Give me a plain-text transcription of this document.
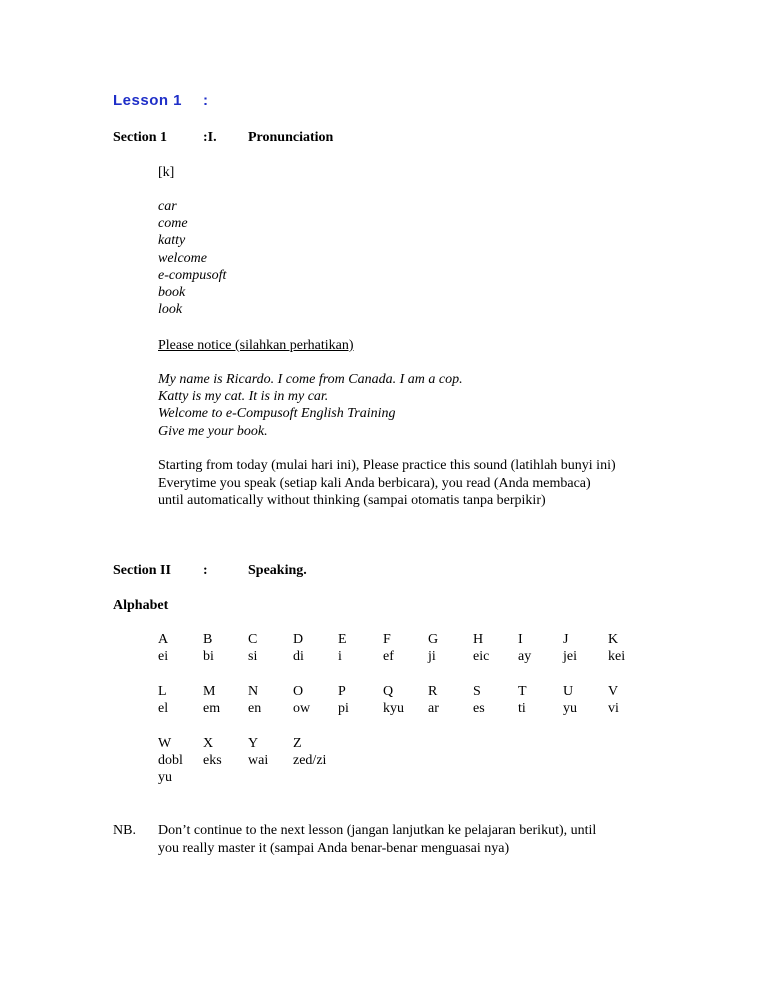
Lesson 1 :
Section 1	:I. Pronunciation
[k]
car
come
katty
welcome
e-compusoft
book
look
Please notice (silahkan perhatikan)
My name is Ricardo. I come from Canada. I am a cop.
Katty is my cat. It is in my car.
Welcome to e-Compusoft English Training
Give me your book.
Starting from today (mulai hari ini), Please practice this sound (latihlah bunyi ini)
Everytime you speak (setiap kali Anda berbicara), you read (Anda membaca)
until automatically without thinking (sampai otomatis tanpa berpikir)
Section II :	Speaking.
Alphabet
A
ei
B
bi
C
si
D
di
E
i
F
ef
G
ji
H
eic
I
ay
J
jei
K
kei
L
el
M
em
N
en
O
ow
P
pi
Q
kyu
R
ar
S
es
T
ti
U
yu
V
vi
W
dobl yu
X
eks
Y
wai
Z
zed/zi
NB. Don’t continue to the next lesson (jangan lanjutkan ke pelajaran berikut), until
you really master it (sampai Anda benar-benar menguasai nya)
